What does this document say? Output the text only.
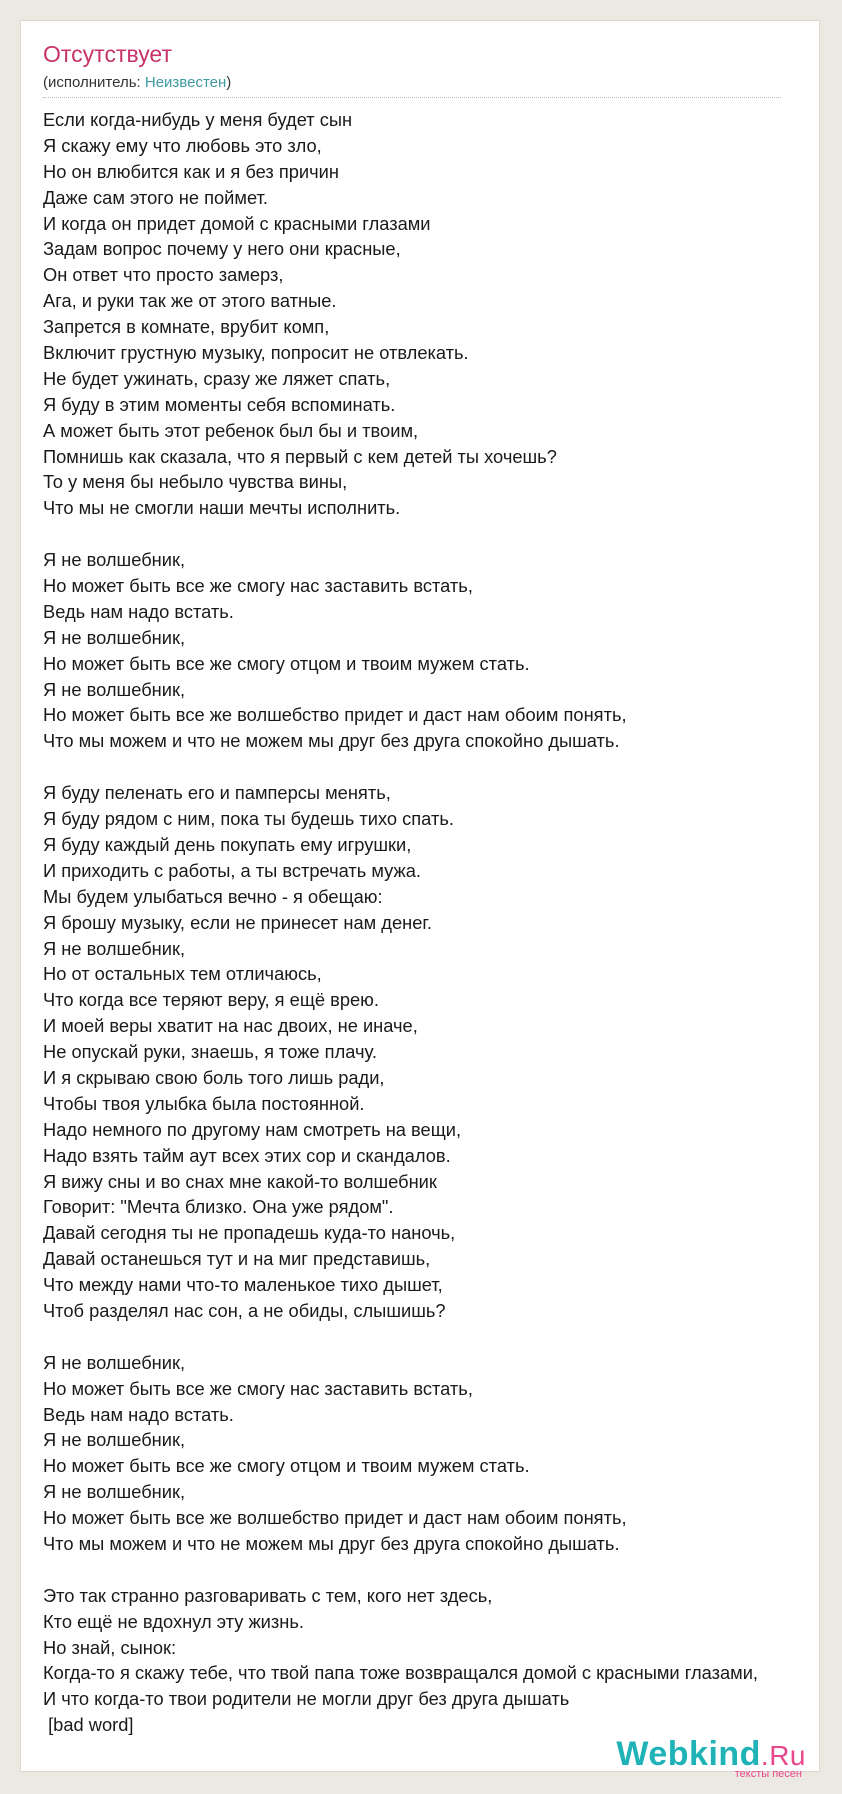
Отсутствует
(исполнитель: Неизвестен)
Если когда-нибудь у меня будет сын
Я скажу ему что любовь это зло,
Но он влюбится как и я без причин
Даже сам этого не поймет.
И когда он придет домой с красными глазами
Задам вопрос почему у него они красные,
Он ответ что просто замерз,
Ага, и руки так же от этого ватные.
Запрется в комнате, врубит комп,
Включит грустную музыку, попросит не отвлекать.
Не будет ужинать, сразу же ляжет спать,
Я буду в этим моменты себя вспоминать.
А может быть этот ребенок был бы и твоим,
Помнишь как сказала, что я первый с кем детей ты хочешь?
То у меня бы небыло чувства вины,
Что мы не смогли наши мечты исполнить.
Я не волшебник,
Но может быть все же смогу нас заставить встать,
Ведь нам надо встать.
Я не волшебник,
Но может быть все же смогу отцом и твоим мужем стать.
Я не волшебник,
Но может быть все же волшебство придет и даст нам обоим понять,
Что мы можем и что не можем мы друг без друга спокойно дышать.
Я буду пеленать его и памперсы менять,
Я буду рядом с ним, пока ты будешь тихо спать.
Я буду каждый день покупать ему игрушки,
И приходить с работы, а ты встречать мужа.
Мы будем улыбаться вечно - я обещаю:
Я брошу музыку, если не принесет нам денег.
Я не волшебник,
Но от остальных тем отличаюсь,
Что когда все теряют веру, я ещё врею.
И моей веры хватит на нас двоих, не иначе,
Не опускай руки, знаешь, я тоже плачу.
И я скрываю свою боль того лишь ради,
Чтобы твоя улыбка была постоянной.
Надо немного по другому нам смотреть на вещи,
Надо взять тайм аут всех этих сор и скандалов.
Я вижу сны и во снах мне какой-то волшебник
Говорит: "Мечта близко. Она уже рядом".
Давай сегодня ты не пропадешь куда-то наночь,
Давай останешься тут и на миг представишь,
Что между нами что-то маленькое тихо дышет,
Чтоб разделял нас сон, а не обиды, слышишь?
Я не волшебник,
Но может быть все же смогу нас заставить встать,
Ведь нам надо встать.
Я не волшебник,
Но может быть все же смогу отцом и твоим мужем стать.
Я не волшебник,
Но может быть все же волшебство придет и даст нам обоим понять,
Что мы можем и что не можем мы друг без друга спокойно дышать.
Это так странно разговаривать с тем, кого нет здесь,
Кто ещё не вдохнул эту жизнь.
Но знай, сынок:
Когда-то я скажу тебе, что твой папа тоже возвращался домой с красными глазами,
И что когда-то твои родители не могли друг без друга дышать
[bad word]
Webkind.Ru
тексты песен
